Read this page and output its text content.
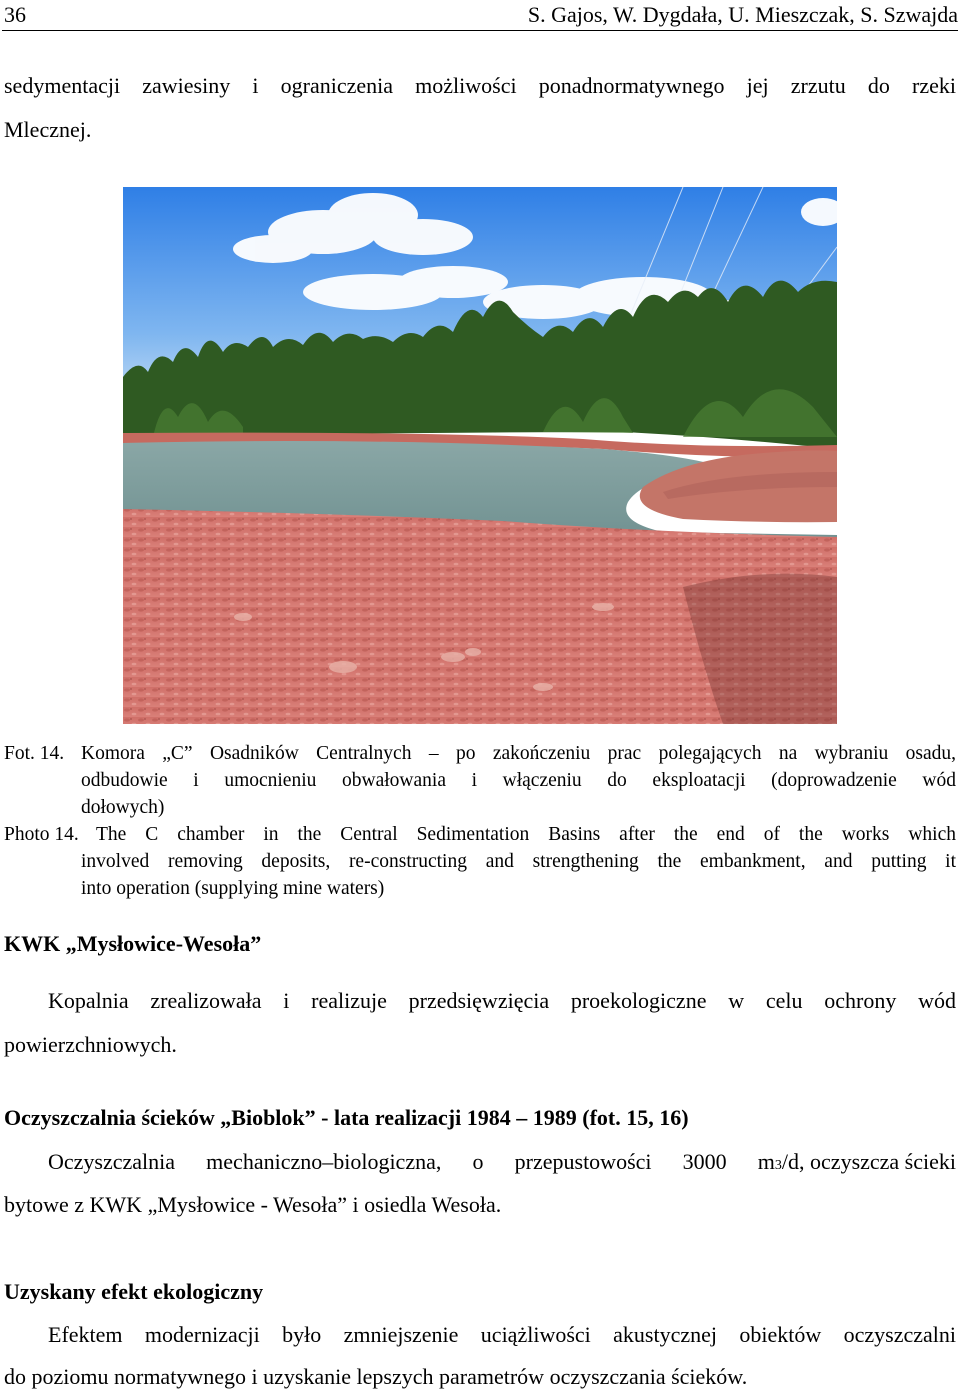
36	S. Gajos, W. Dygdała, U. Mieszczak, S. Szwajda
sedymentacji zawiesiny i ograniczenia możliwości ponadnormatywnego jej zrzutu do rzeki
Mlecznej.
Fot. 14. Komora „C” Osadników Centralnych – po zakończeniu prac polegających na wybraniu osadu,
odbudowie i umocnieniu obwałowania i włączeniu do eksploatacji (doprowadzenie wód
dołowych)
Photo 14. The C chamber in the Central Sedimentation Basins after the end of the works which
involved removing deposits, re-constructing and strengthening the embankment, and putting it
into operation (supplying mine waters)
KWK „Mysłowice-Wesoła”
Kopalnia zrealizowała i realizuje przedsięwzięcia proekologiczne w celu ochrony wód
powierzchniowych.
Oczyszczalnia ścieków „Bioblok” - lata realizacji 1984 – 1989 (fot. 15, 16)
Oczyszczalnia mechaniczno–biologiczna, o przepustowości 3000 m 3 /d, oczyszcza ścieki
bytowe z KWK „Mysłowice - Wesoła” i osiedla Wesoła.
Uzyskany efekt ekologiczny
Efektem modernizacji było zmniejszenie uciążliwości akustycznej obiektów oczyszczalni
do poziomu normatywnego i uzyskanie lepszych parametrów oczyszczania ścieków.
